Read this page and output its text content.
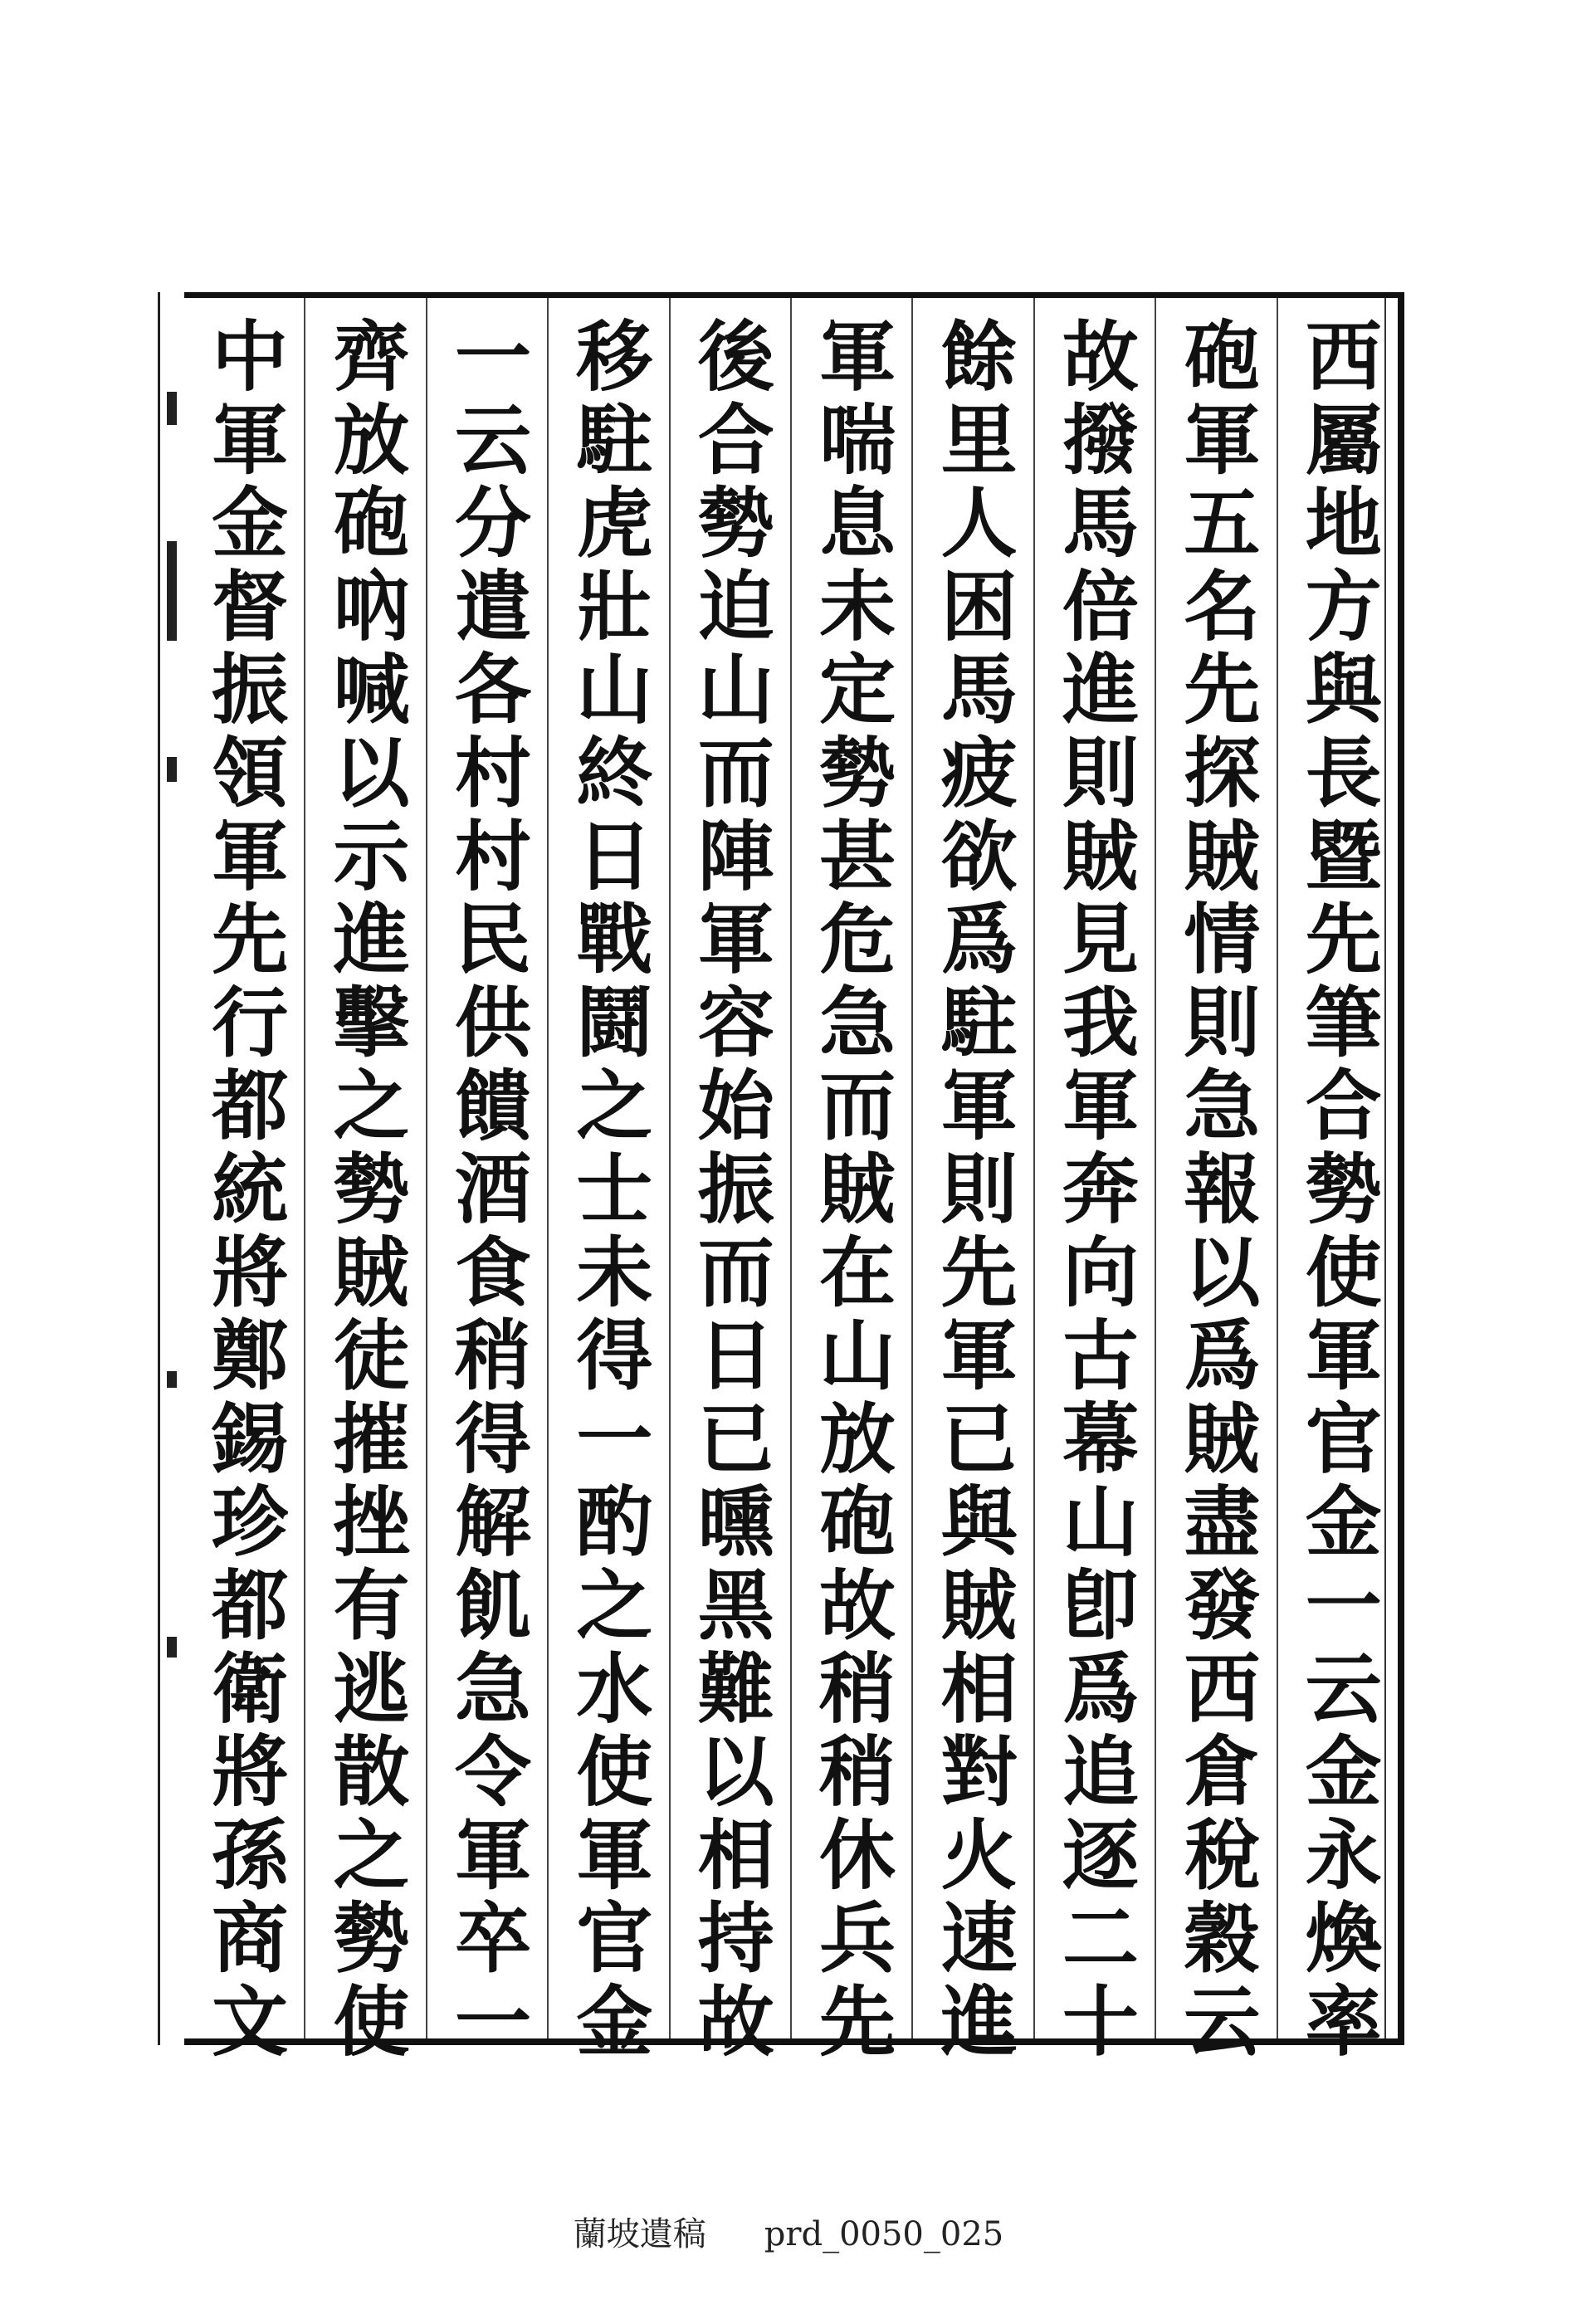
西屬地方與長暨先筆合勢使軍官金一云金永煥率
砲軍五名先探賊情則急報以爲賊盡發西倉稅穀云
故撥馬倍進則賊見我軍奔向古幕山卽爲追逐二十
餘里人困馬疲欲爲駐軍則先軍已與賊相對火速進
軍喘息未定勢甚危急而賊在山放砲故稍稍休兵先
後合勢迫山而陣軍容始振而日已曛黑難以相持故
移駐虎壯山終日戰鬪之士未得一酌之水使軍官金
一云分遣各村村民供饋酒食稍得解飢急令軍卒一
齊放砲吶喊以示進擊之勢賊徒摧挫有逃散之勢使
中軍金督振領軍先行都統將鄭錫珍都衛將孫商文
蘭坡遺稿 prd_0050_025
